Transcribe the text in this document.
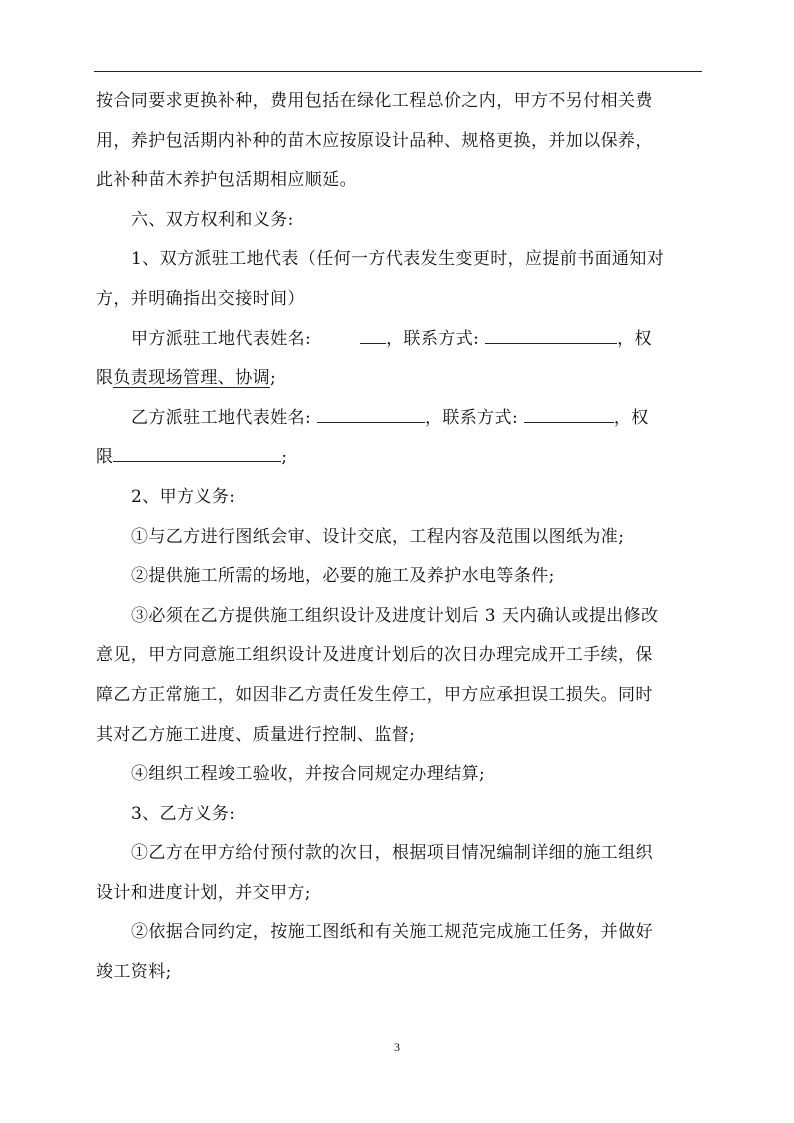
按合同要求更换补种，费用包括在绿化工程总价之内，甲方不另付相关费

用，养护包活期内补种的苗木应按原设计品种、规格更换，并加以保养，

此补种苗木养护包活期相应顺延。

六、双方权利和义务:

1、双方派驻工地代表（任何一方代表发生变更时，应提前书面通知对

方，并明确指出交接时间）

甲方派驻工地代表姓名:	，联系方式:	，权

限负责现场管理、协调;

乙方派驻工地代表姓名:	，联系方式:	，权

限	;

2、甲方义务:

①与乙方进行图纸会审、设计交底，工程内容及范围以图纸为准;

②提供施工所需的场地，必要的施工及养护水电等条件;

③必须在乙方提供施工组织设计及进度计划后 3 天内确认或提出修改

意见，甲方同意施工组织设计及进度计划后的次日办理完成开工手续，保

障乙方正常施工，如因非乙方责任发生停工，甲方应承担误工损失。同时

其对乙方施工进度、质量进行控制、监督;

④组织工程竣工验收，并按合同规定办理结算;

3、乙方义务:

①乙方在甲方给付预付款的次日，根据项目情况编制详细的施工组织

设计和进度计划，并交甲方;

②依据合同约定，按施工图纸和有关施工规范完成施工任务，并做好

竣工资料;

3
